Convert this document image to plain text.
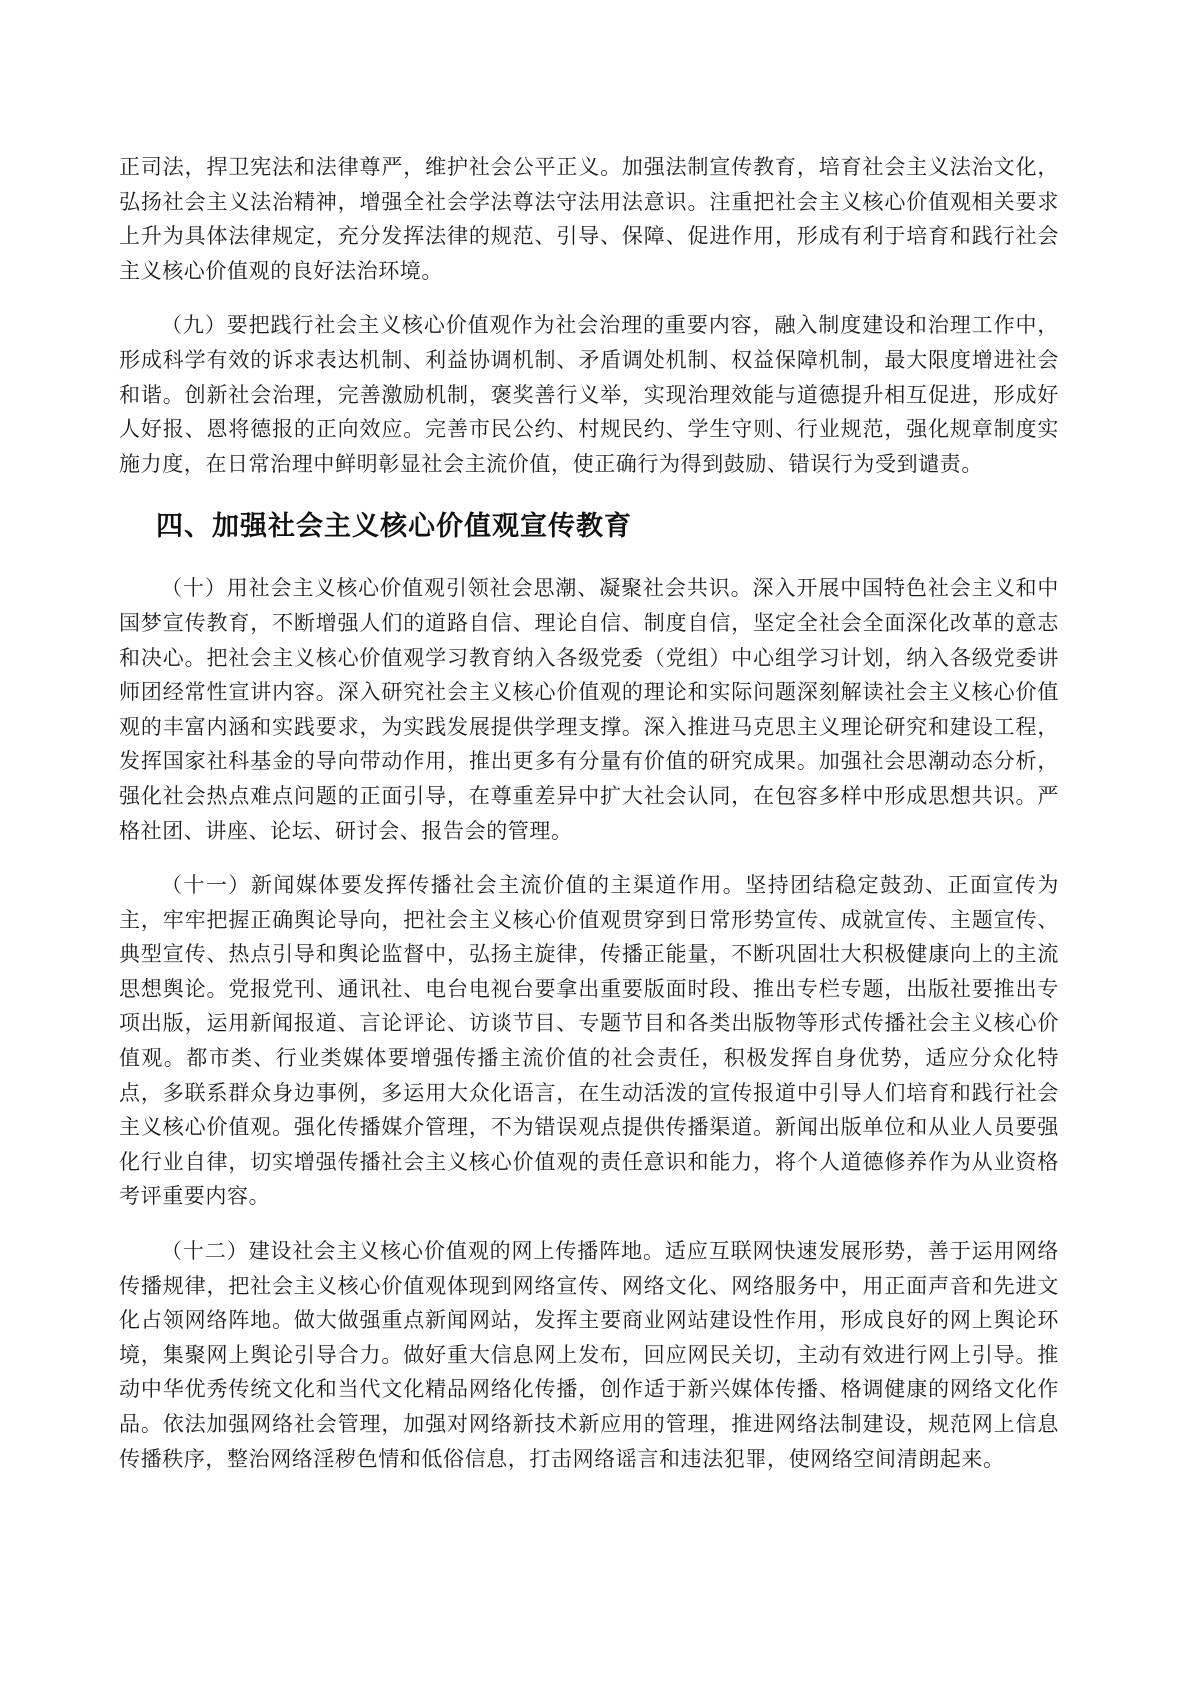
正司法，捍卫宪法和法律尊严，维护社会公平正义。加强法制宣传教育，培育社会主义法治文化，弘扬社会主义法治精神，增强全社会学法尊法守法用法意识。注重把社会主义核心价值观相关要求上升为具体法律规定，充分发挥法律的规范、引导、保障、促进作用，形成有利于培育和践行社会主义核心价值观的良好法治环境。

（九）要把践行社会主义核心价值观作为社会治理的重要内容，融入制度建设和治理工作中，形成科学有效的诉求表达机制、利益协调机制、矛盾调处机制、权益保障机制，最大限度增进社会和谐。创新社会治理，完善激励机制，褒奖善行义举，实现治理效能与道德提升相互促进，形成好人好报、恩将德报的正向效应。完善市民公约、村规民约、学生守则、行业规范，强化规章制度实施力度，在日常治理中鲜明彰显社会主流价值，使正确行为得到鼓励、错误行为受到谴责。

四、加强社会主义核心价值观宣传教育

（十）用社会主义核心价值观引领社会思潮、凝聚社会共识。深入开展中国特色社会主义和中国梦宣传教育，不断增强人们的道路自信、理论自信、制度自信，坚定全社会全面深化改革的意志和决心。把社会主义核心价值观学习教育纳入各级党委（党组）中心组学习计划，纳入各级党委讲师团经常性宣讲内容。深入研究社会主义核心价值观的理论和实际问题深刻解读社会主义核心价值观的丰富内涵和实践要求，为实践发展提供学理支撑。深入推进马克思主义理论研究和建设工程，发挥国家社科基金的导向带动作用，推出更多有分量有价值的研究成果。加强社会思潮动态分析，强化社会热点难点问题的正面引导，在尊重差异中扩大社会认同，在包容多样中形成思想共识。严格社团、讲座、论坛、研讨会、报告会的管理。

（十一）新闻媒体要发挥传播社会主流价值的主渠道作用。坚持团结稳定鼓劲、正面宣传为主，牢牢把握正确舆论导向，把社会主义核心价值观贯穿到日常形势宣传、成就宣传、主题宣传、典型宣传、热点引导和舆论监督中，弘扬主旋律，传播正能量，不断巩固壮大积极健康向上的主流思想舆论。党报党刊、通讯社、电台电视台要拿出重要版面时段、推出专栏专题，出版社要推出专项出版，运用新闻报道、言论评论、访谈节目、专题节目和各类出版物等形式传播社会主义核心价值观。都市类、行业类媒体要增强传播主流价值的社会责任，积极发挥自身优势，适应分众化特点，多联系群众身边事例，多运用大众化语言，在生动活泼的宣传报道中引导人们培育和践行社会主义核心价值观。强化传播媒介管理，不为错误观点提供传播渠道。新闻出版单位和从业人员要强化行业自律，切实增强传播社会主义核心价值观的责任意识和能力，将个人道德修养作为从业资格考评重要内容。

（十二）建设社会主义核心价值观的网上传播阵地。适应互联网快速发展形势，善于运用网络传播规律，把社会主义核心价值观体现到网络宣传、网络文化、网络服务中，用正面声音和先进文化占领网络阵地。做大做强重点新闻网站，发挥主要商业网站建设性作用，形成良好的网上舆论环境，集聚网上舆论引导合力。做好重大信息网上发布，回应网民关切，主动有效进行网上引导。推动中华优秀传统文化和当代文化精品网络化传播，创作适于新兴媒体传播、格调健康的网络文化作品。依法加强网络社会管理，加强对网络新技术新应用的管理，推进网络法制建设，规范网上信息传播秩序，整治网络淫秽色情和低俗信息，打击网络谣言和违法犯罪，使网络空间清朗起来。
